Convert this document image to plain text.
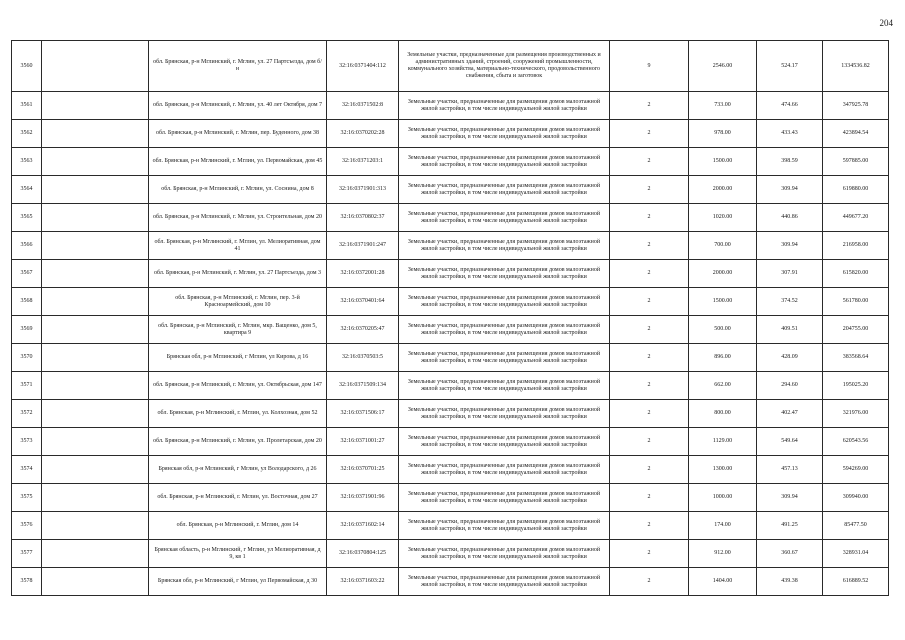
204
3560		обл. Брянская, р-н Мглинский, г. Мглин, ул. 27 Партсъезда, дом б/н	32:16:0371404:112	Земельные участки, предназначенные для размещения производственных и административных зданий, строений, сооружений промышленности, коммунального хозяйства, материально-технического, продовольственного снабжения, сбыта и заготовок	9	2546.00	524.17	1334536.82
3561		обл. Брянская, р-н Мглинский, г. Мглин, ул. 40 лет Октября, дом 7	32:16:0371502:8	Земельные участки, предназначенные для размещения домов малоэтажной жилой застройки, в том числе индивидуальной жилой застройки	2	733.00	474.66	347925.78
3562		обл. Брянская, р-н Мглинский, г. Мглин, пер. Буденного, дом 38	32:16:0370202:28	Земельные участки, предназначенные для размещения домов малоэтажной жилой застройки, в том числе индивидуальной жилой застройки	2	978.00	433.43	423894.54
3563		обл. Брянская, р-н Мглинский, г. Мглин, ул. Первомайская, дом 45	32:16:0371203:1	Земельные участки, предназначенные для размещения домов малоэтажной жилой застройки, в том числе индивидуальной жилой застройки	2	1500.00	398.59	597885.00
3564		обл. Брянская, р-н Мглинский, г. Мглин, ул. Соснина, дом 8	32:16:0371901:313	Земельные участки, предназначенные для размещения домов малоэтажной жилой застройки, в том числе индивидуальной жилой застройки	2	2000.00	309.94	619880.00
3565		обл. Брянская, р-н Мглинский, г. Мглин, ул. Строительная, дом 20	32:16:0370802:37	Земельные участки, предназначенные для размещения домов малоэтажной жилой застройки, в том числе индивидуальной жилой застройки	2	1020.00	440.86	449677.20
3566		обл. Брянская, р-н Мглинский, г. Мглин, ул. Мелиоративная, дом 41	32:16:0371901:247	Земельные участки, предназначенные для размещения домов малоэтажной жилой застройки, в том числе индивидуальной жилой застройки	2	700.00	309.94	216958.00
3567		обл. Брянская, р-н Мглинский, г. Мглин, ул. 27 Партсъезда, дом 3	32:16:0372001:28	Земельные участки, предназначенные для размещения домов малоэтажной жилой застройки, в том числе индивидуальной жилой застройки	2	2000.00	307.91	615820.00
3568		обл. Брянская, р-н Мглинский, г. Мглин, пер. 3-й Красноармейский, дом 10	32:16:0370401:64	Земельные участки, предназначенные для размещения домов малоэтажной жилой застройки, в том числе индивидуальной жилой застройки	2	1500.00	374.52	561780.00
3569		обл. Брянская, р-н Мглинский, г. Мглин, мкр. Ващенко, дом 5, квартира 9	32:16:0370205:47	Земельные участки, предназначенные для размещения домов малоэтажной жилой застройки, в том числе индивидуальной жилой застройки	2	500.00	409.51	204755.00
3570		Брянская обл, р-н Мглинский, г Мглин, ул Кирова, д 16	32:16:0370503:5	Земельные участки, предназначенные для размещения домов малоэтажной жилой застройки, в том числе индивидуальной жилой застройки	2	896.00	428.09	383568.64
3571		обл. Брянская, р-н Мглинский, г. Мглин, ул. Октябрьская, дом 147	32:16:0371509:134	Земельные участки, предназначенные для размещения домов малоэтажной жилой застройки, в том числе индивидуальной жилой застройки	2	662.00	294.60	195025.20
3572		обл. Брянская, р-н Мглинский, г. Мглин, ул. Колхозная, дом 52	32:16:0371506:17	Земельные участки, предназначенные для размещения домов малоэтажной жилой застройки, в том числе индивидуальной жилой застройки	2	800.00	402.47	321976.00
3573		обл. Брянская, р-н Мглинский, г. Мглин, ул. Пролетарская, дом 20	32:16:0371001:27	Земельные участки, предназначенные для размещения домов малоэтажной жилой застройки, в том числе индивидуальной жилой застройки	2	1129.00	549.64	620543.56
3574		Брянская обл, р-н Мглинский, г Мглин, ул Володарского, д 26	32:16:0370701:25	Земельные участки, предназначенные для размещения домов малоэтажной жилой застройки, в том числе индивидуальной жилой застройки	2	1300.00	457.13	594269.00
3575		обл. Брянская, р-н Мглинский, г. Мглин, ул. Восточная, дом 27	32:16:0371901:96	Земельные участки, предназначенные для размещения домов малоэтажной жилой застройки, в том числе индивидуальной жилой застройки	2	1000.00	309.94	309940.00
3576		обл. Брянская, р-н Мглинский, г. Мглин, дом 14	32:16:0371602:14	Земельные участки, предназначенные для размещения домов малоэтажной жилой застройки, в том числе индивидуальной жилой застройки	2	174.00	491.25	85477.50
3577		Брянская область, р-н Мглинский, г Мглин, ул Мелиоративная, д 9, кв 1	32:16:0370804:125	Земельные участки, предназначенные для размещения домов малоэтажной жилой застройки, в том числе индивидуальной жилой застройки	2	912.00	360.67	328931.04
3578		Брянская обл, р-н Мглинский, г Мглин, ул Первомайская, д 30	32:16:0371603:22	Земельные участки, предназначенные для размещения домов малоэтажной жилой застройки, в том числе индивидуальной жилой застройки	2	1404.00	439.38	616889.52
